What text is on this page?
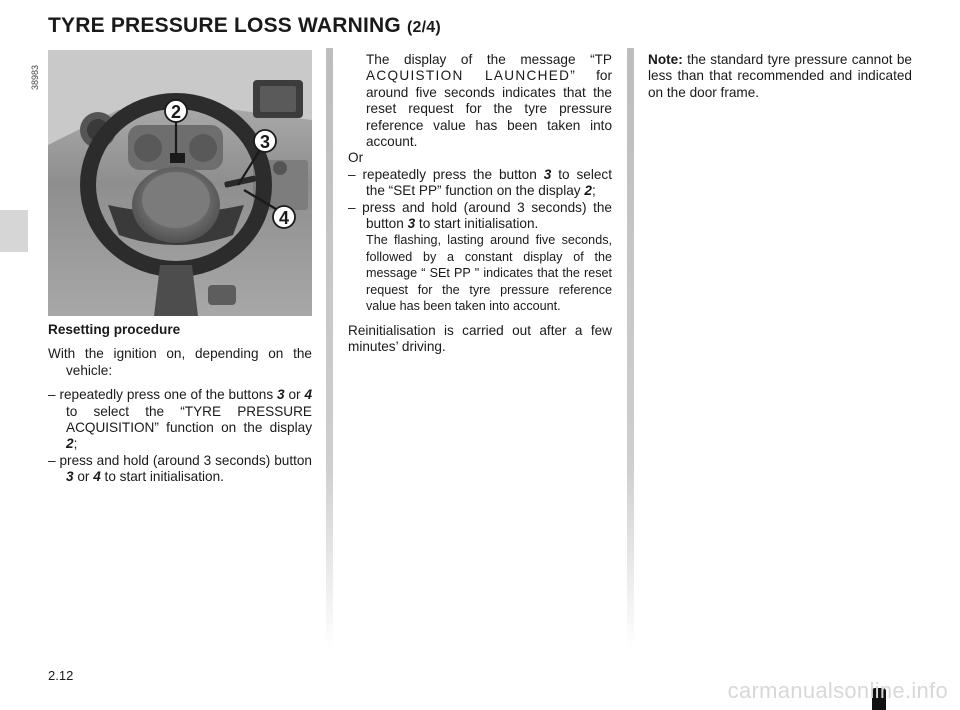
TYRE PRESSURE LOSS WARNING (2/4)
38983
2
3
4

Resetting procedure

With the ignition on, depending on the vehicle:

– repeatedly press one of the buttons 3 or 4 to select the “TYRE PRESSURE ACQUISITION” function on the display 2;

– press and hold (around 3 seconds) button 3 or 4 to start initialisation.

The display of the message “TP ACQUISTION LAUNCHED” for around five seconds indicates that the reset request for the tyre pressure reference value has been taken into account.

Or

– repeatedly press the button 3 to select the “SEt PP” function on the display 2;

– press and hold (around 3 seconds) the button 3 to start initialisation.

The flashing, lasting around five seconds, followed by a constant display of the message “ SEt PP " indicates that the reset request for the tyre pressure reference value has been taken into account.

Reinitialisation is carried out after a few minutes’ driving.

Note: the standard tyre pressure cannot be less than that recommended and indicated on the door frame.

2.12
carmanualsonline.info
